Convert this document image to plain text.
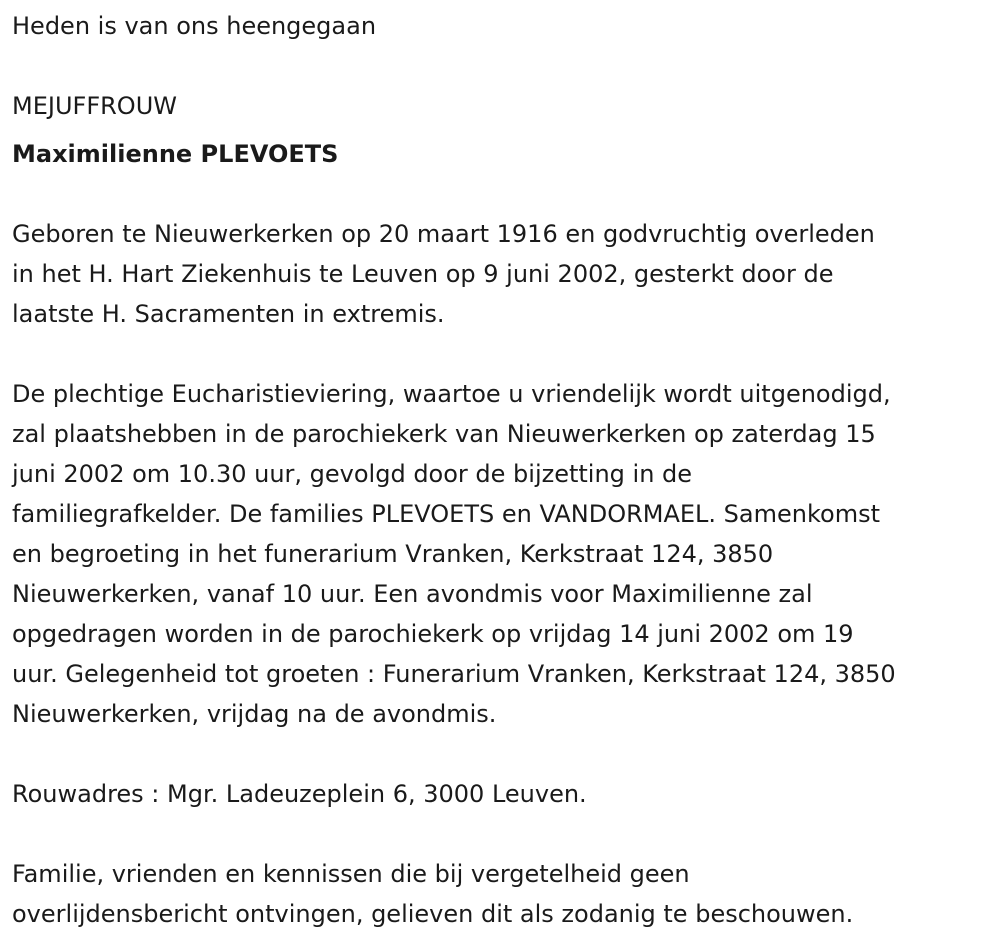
Heden is van ons heengegaan
MEJUFFROUW
Maximilienne PLEVOETS
Geboren te Nieuwerkerken op 20 maart 1916 en godvruchtig overleden
in het H. Hart Ziekenhuis te Leuven op 9 juni 2002, gesterkt door de
laatste H. Sacramenten in extremis.
De plechtige Eucharistieviering, waartoe u vriendelijk wordt uitgenodigd,
zal plaatshebben in de parochiekerk van Nieuwerkerken op zaterdag 15
juni 2002 om 10.30 uur, gevolgd door de bijzetting in de
familiegrafkelder. De families PLEVOETS en VANDORMAEL. Samenkomst
en begroeting in het funerarium Vranken, Kerkstraat 124, 3850
Nieuwerkerken, vanaf 10 uur. Een avondmis voor Maximilienne zal
opgedragen worden in de parochiekerk op vrijdag 14 juni 2002 om 19
uur. Gelegenheid tot groeten : Funerarium Vranken, Kerkstraat 124, 3850
Nieuwerkerken, vrijdag na de avondmis.
Rouwadres : Mgr. Ladeuzeplein 6, 3000 Leuven.
Familie, vrienden en kennissen die bij vergetelheid geen
overlijdensbericht ontvingen, gelieven dit als zodanig te beschouwen.
